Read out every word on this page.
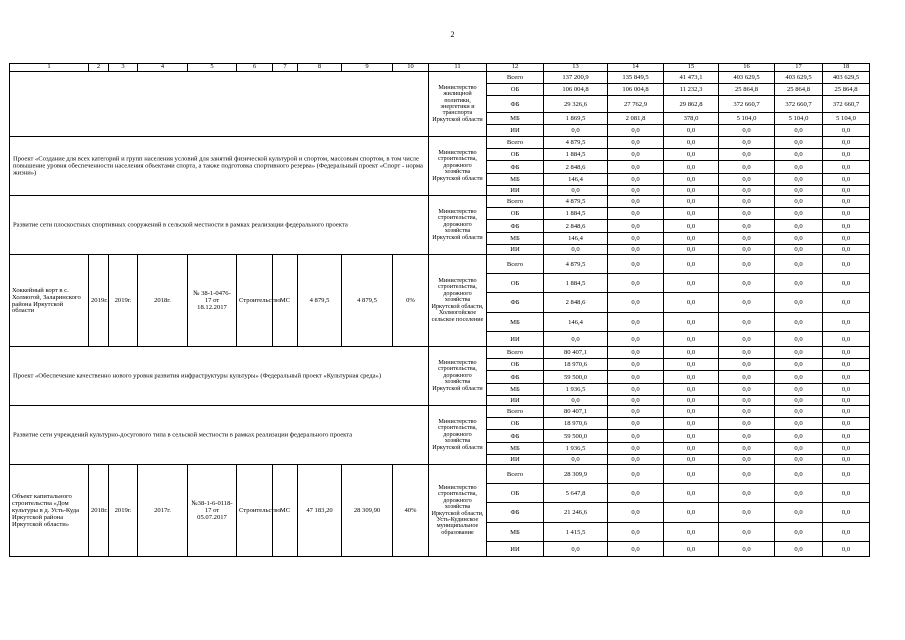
2
1	2	3	4	5	6	7	8	9	10	11	12	13	14	15	16	17	18
										Министерство жилищной политики, энергетики и транспорта Иркутской области	Всего	137 200,9	135 849,5	41 473,1	403 629,5	403 629,5	403 629,5
											ОБ	106 004,8	106 004,8	11 232,3	25 864,8	25 864,8	25 864,8
											ФБ	29 326,6	27 762,9	29 862,8	372 660,7	372 660,7	372 660,7
											МБ	1 869,5	2 081,8	378,0	5 104,0	5 104,0	5 104,0
											ИИ	0,0	0,0	0,0	0,0	0,0	0,0

Проект «Создание для всех категорий и групп населения условий для занятий физической культурой и спортом, массовым спортом, в том числе повышение уровня обеспеченности населения объектами спорта, а также подготовка спортивного резерва» (Федеральный проект «Спорт - норма жизни»)										Министерство строительства, дорожного хозяйства Иркутской области	Всего	4 879,5	0,0	0,0	0,0	0,0	0,0
											ОБ	1 884,5	0,0	0,0	0,0	0,0	0,0
											ФБ	2 848,6	0,0	0,0	0,0	0,0	0,0
											МБ	146,4	0,0	0,0	0,0	0,0	0,0
											ИИ	0,0	0,0	0,0	0,0	0,0	0,0

Развитие сети плоскостных спортивных сооружений в сельской местности в рамках реализации федерального проекта										Министерство строительства, дорожного хозяйства Иркутской области	Всего	4 879,5	0,0	0,0	0,0	0,0	0,0
											ОБ	1 884,5	0,0	0,0	0,0	0,0	0,0
											ФБ	2 848,6	0,0	0,0	0,0	0,0	0,0
											МБ	146,4	0,0	0,0	0,0	0,0	0,0
											ИИ	0,0	0,0	0,0	0,0	0,0	0,0
Хоккейный корт в с. Холмогой, Заларинского района Иркутской области	2019г.	2019г.	2018г.	№ 38-1-0476-17 от 18.12.2017	Строительство	МС	4 879,5	4 879,5	0%	Министерство строительства, дорожного хозяйства Иркутской области, Холмогойское сельское поселение	Всего	4 879,5	0,0	0,0	0,0	0,0	0,0
											ОБ	1 884,5	0,0	0,0	0,0	0,0	0,0
											ФБ	2 848,6	0,0	0,0	0,0	0,0	0,0
											МБ	146,4	0,0	0,0	0,0	0,0	0,0
											ИИ	0,0	0,0	0,0	0,0	0,0	0,0

Проект «Обеспечение качественно нового уровня развития инфраструктуры культуры» (Федеральный проект «Культурная среда»)										Министерство строительства, дорожного хозяйства Иркутской области	Всего	80 407,1	0,0	0,0	0,0	0,0	0,0
											ОБ	18 970,6	0,0	0,0	0,0	0,0	0,0
											ФБ	59 500,0	0,0	0,0	0,0	0,0	0,0
											МБ	1 936,5	0,0	0,0	0,0	0,0	0,0
											ИИ	0,0	0,0	0,0	0,0	0,0	0,0

Развитие сети учреждений культурно-досугового типа в сельской местности в рамках реализации федерального проекта										Министерство строительства, дорожного хозяйства Иркутской области	Всего	80 407,1	0,0	0,0	0,0	0,0	0,0
											ОБ	18 970,6	0,0	0,0	0,0	0,0	0,0
											ФБ	59 500,0	0,0	0,0	0,0	0,0	0,0
											МБ	1 936,5	0,0	0,0	0,0	0,0	0,0
											ИИ	0,0	0,0	0,0	0,0	0,0	0,0
Объект капитального строительства «Дом культуры в д. Усть-Куда Иркутской района Иркутской области»	2018г.	2019г.	2017г.	№38-1-6-0118-17 от 05.07.2017	Строительство	МС	47 183,20	28 309,90	40%	Министерство строительства, дорожного хозяйства Иркутской области, Усть-Кудинское муниципальное образование	Всего	28 309,9	0,0	0,0	0,0	0,0	0,0
											ОБ	5 647,8	0,0	0,0	0,0	0,0	0,0
											ФБ	21 246,6	0,0	0,0	0,0	0,0	0,0
											МБ	1 415,5	0,0	0,0	0,0	0,0	0,0
											ИИ	0,0	0,0	0,0	0,0	0,0	0,0
